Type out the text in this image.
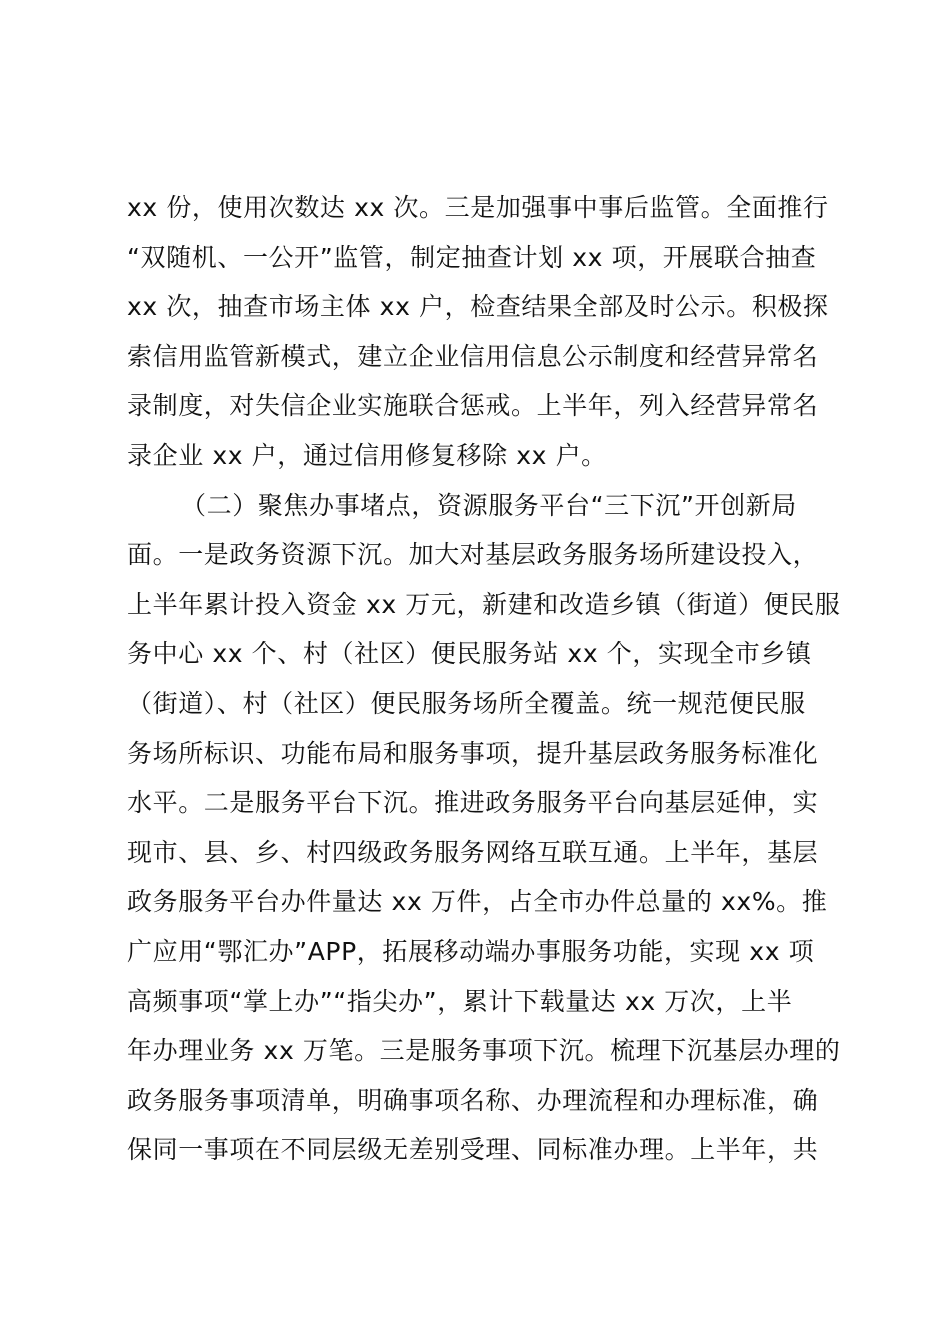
xx 份，使用次数达 xx 次。三是加强事中事后监管。全面推行
“双随机、一公开”监管，制定抽查计划 xx 项，开展联合抽查
xx 次，抽查市场主体 xx 户，检查结果全部及时公示。积极探
索信用监管新模式，建立企业信用信息公示制度和经营异常名
录制度，对失信企业实施联合惩戒。上半年，列入经营异常名
录企业 xx 户，通过信用修复移除 xx 户。
（二）聚焦办事堵点，资源服务平台“三下沉”开创新局
面。一是政务资源下沉。加大对基层政务服务场所建设投入，
上半年累计投入资金 xx 万元，新建和改造乡镇（街道）便民服
务中心 xx 个、村（社区）便民服务站 xx 个，实现全市乡镇
（街道）、村（社区）便民服务场所全覆盖。统一规范便民服
务场所标识、功能布局和服务事项，提升基层政务服务标准化
水平。二是服务平台下沉。推进政务服务平台向基层延伸，实
现市、县、乡、村四级政务服务网络互联互通。上半年，基层
政务服务平台办件量达 xx 万件，占全市办件总量的 xx%。推
广应用“鄂汇办”APP，拓展移动端办事服务功能，实现 xx 项
高频事项“掌上办”“指尖办”，累计下载量达 xx 万次，上半
年办理业务 xx 万笔。三是服务事项下沉。梳理下沉基层办理的
政务服务事项清单，明确事项名称、办理流程和办理标准，确
保同一事项在不同层级无差别受理、同标准办理。上半年，共
